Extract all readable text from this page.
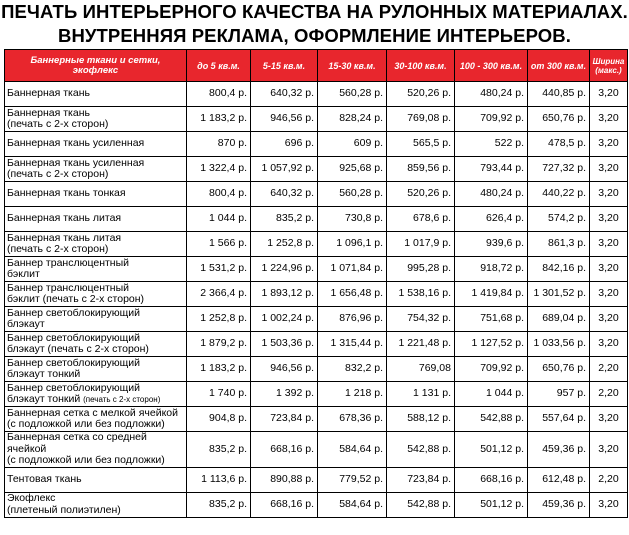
ПЕЧАТЬ ИНТЕРЬЕРНОГО КАЧЕСТВА НА РУЛОННЫХ МАТЕРИАЛАХ.
ВНУТРЕННЯЯ РЕКЛАМА, ОФОРМЛЕНИЕ ИНТЕРЬЕРОВ.
Баннерные ткани и сетки, экофлекс	до 5 кв.м.	5-15 кв.м.	15-30 кв.м.	30-100 кв.м.	100 - 300 кв.м.	от 300 кв.м.	Ширина (макс.)
Баннерная ткань	800,4 р.	640,32 р.	560,28 р.	520,26 р.	480,24 р.	440,85 р.	3,20
Баннерная ткань
(печать с 2-х сторон)	1 183,2 р.	946,56 р.	828,24 р.	769,08 р.	709,92 р.	650,76 р.	3,20
Баннерная ткань усиленная	870 р.	696 р.	609 р.	565,5 р.	522 р.	478,5 р.	3,20
Баннерная ткань усиленная
(печать с 2-х сторон)	1 322,4 р.	1 057,92 р.	925,68 р.	859,56 р.	793,44 р.	727,32 р.	3,20
Баннерная ткань тонкая	800,4 р.	640,32 р.	560,28 р.	520,26 р.	480,24 р.	440,22 р.	3,20
Баннерная ткань литая	1 044 р.	835,2 р.	730,8 р.	678,6 р.	626,4 р.	574,2 р.	3,20
Баннерная ткань литая
(печать с 2-х сторон)	1 566 р.	1 252,8 р.	1 096,1 р.	1 017,9 р.	939,6 р.	861,3 р.	3,20
Баннер транслюцентный
бэклит	1 531,2 р.	1 224,96 р.	1 071,84 р.	995,28 р.	918,72 р.	842,16 р.	3,20
Баннер транслюцентный
бэклит (печать с 2-х сторон)	2 366,4 р.	1 893,12 р.	1 656,48 р.	1 538,16 р.	1 419,84 р.	1 301,52 р.	3,20
Баннер светоблокирующий
блэкаут	1 252,8 р.	1 002,24 р.	876,96 р.	754,32 р.	751,68 р.	689,04 р.	3,20
Баннер светоблокирующий
блэкаут (печать с 2-х сторон)	1 879,2 р.	1 503,36 р.	1 315,44 р.	1 221,48 р.	1 127,52 р.	1 033,56 р.	3,20
Баннер светоблокирующий
блэкаут тонкий	1 183,2 р.	946,56 р.	832,2 р.	769,08	709,92 р.	650,76 р.	2,20
Баннер светоблокирующий
блэкаут тонкий (печать с 2-х сторон)	1 740 р.	1 392 р.	1 218 р.	1 131 р.	1 044 р.	957 р.	2,20
Баннерная сетка с мелкой ячейкой
(с подложкой или без подложки)	904,8 р.	723,84 р.	678,36 р.	588,12 р.	542,88 р.	557,64 р.	3,20
Баннерная сетка со средней ячейкой
(с подложкой или без подложки)	835,2 р.	668,16 р.	584,64 р.	542,88 р.	501,12 р.	459,36 р.	3,20
Тентовая ткань	1 113,6 р.	890,88 р.	779,52 р.	723,84 р.	668,16 р.	612,48 р.	2,20
Экофлекс
(плетеный полиэтилен)	835,2 р.	668,16 р.	584,64 р.	542,88 р.	501,12 р.	459,36 р.	3,20
